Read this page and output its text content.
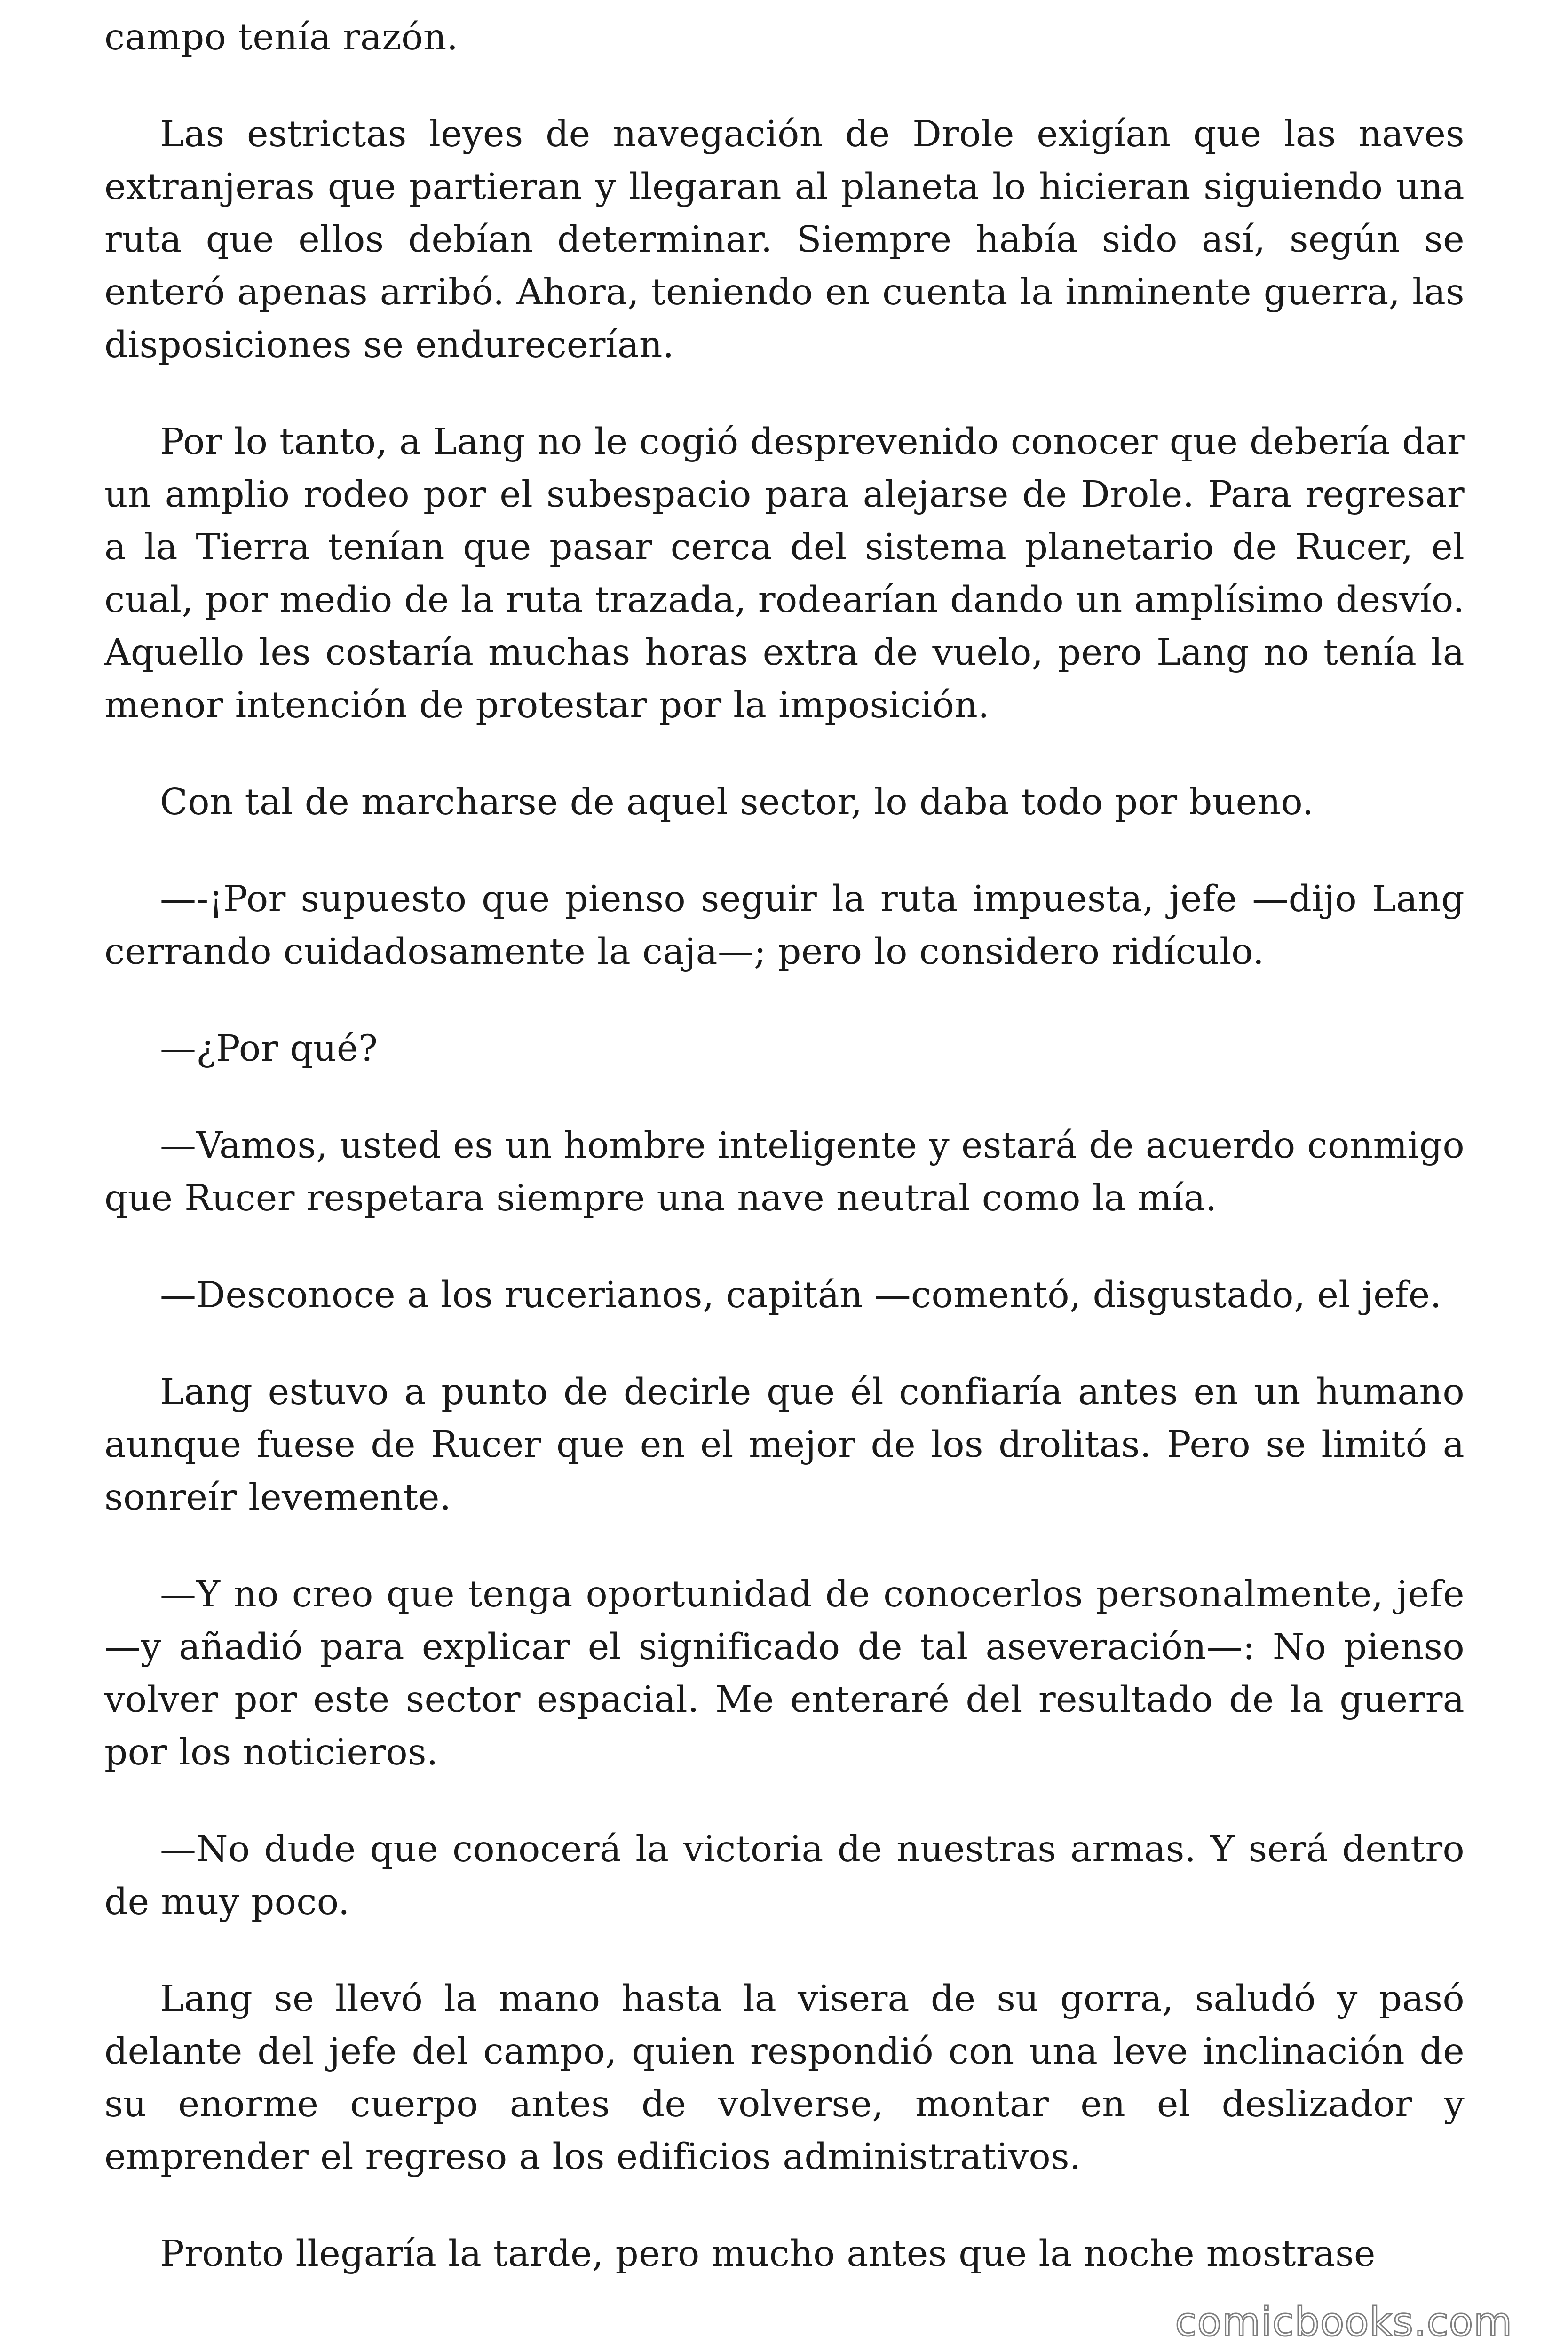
campo tenía razón.

Las estrictas leyes de navegación de Drole exigían que las naves extranjeras que partieran y llegaran al planeta lo hicieran siguiendo una ruta que ellos debían determinar. Siempre había sido así, según se enteró apenas arribó. Ahora, teniendo en cuenta la inminente guerra, las disposiciones se endurecerían.

Por lo tanto, a Lang no le cogió desprevenido conocer que debería dar un amplio rodeo por el subespacio para alejarse de Drole. Para regresar a la Tierra tenían que pasar cerca del sistema planetario de Rucer, el cual, por medio de la ruta trazada, rodearían dando un amplísimo desvío. Aquello les costaría muchas horas extra de vuelo, pero Lang no tenía la menor intención de protestar por la imposición.

Con tal de marcharse de aquel sector, lo daba todo por bueno.

—-¡Por supuesto que pienso seguir la ruta impuesta, jefe —dijo Lang cerrando cuidadosamente la caja—; pero lo considero ridículo.

—¿Por qué?

—Vamos, usted es un hombre inteligente y estará de acuerdo conmigo que Rucer respetara siempre una nave neutral como la mía.

—Desconoce a los rucerianos, capitán —comentó, disgustado, el jefe.

Lang estuvo a punto de decirle que él confiaría antes en un humano aunque fuese de Rucer que en el mejor de los drolitas. Pero se limitó a sonreír levemente.

—Y no creo que tenga oportunidad de conocerlos personalmente, jefe —y añadió para explicar el significado de tal aseveración—: No pienso volver por este sector espacial. Me enteraré del resultado de la guerra por los noticieros.

—No dude que conocerá la victoria de nuestras armas. Y será dentro de muy poco.

Lang se llevó la mano hasta la visera de su gorra, saludó y pasó delante del jefe del campo, quien respondió con una leve inclinación de su enorme cuerpo antes de volverse, montar en el deslizador y emprender el regreso a los edificios administrativos.

Pronto llegaría la tarde, pero mucho antes que la noche mostrase

comicbooks.com
